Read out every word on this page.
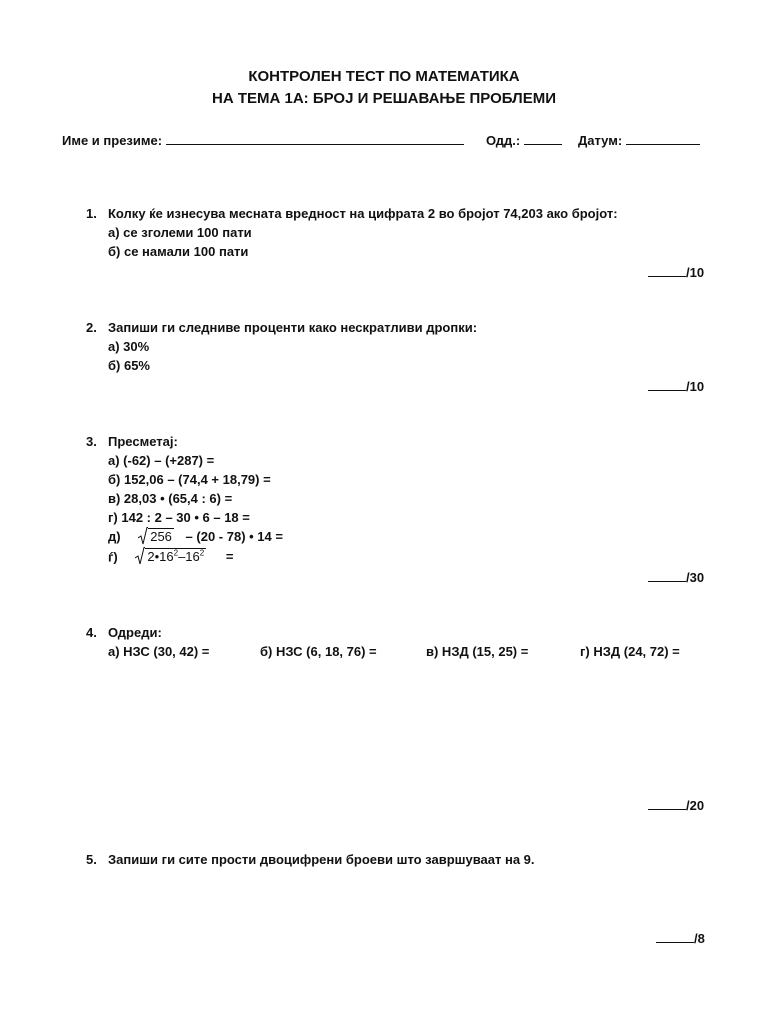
КОНТРОЛЕН ТЕСТ ПО МАТЕМАТИКА
НА ТЕМА 1А: БРОЈ И РЕШАВАЊЕ ПРОБЛЕМИ
Име и презиме:	Одд.:	Датум:
1. Колку ќе изнесува месната вредност на цифрата 2 во бројот 74,203 ако бројот:
а) се зголеми 100 пати
б) се намали 100 пати
/10
2. Запиши ги следниве проценти како нескратливи дропки:
а) 30%
б) 65%
/10
3. Пресметај:
а) (-62) – (+287) =
б) 152,06 – (74,4 + 18,79) =
в) 28,03 • (65,4 : 6) =
г) 142 : 2 – 30 • 6 – 18 =
д) 256 – (20 - 78) • 14 =
ѓ) $2•16^2-16^2$ =
/30
4. Одреди:
а) НЗС (30, 42) =	б) НЗС (6, 18, 76) =	в) НЗД (15, 25) =	г) НЗД (24, 72) =
/20
5. Запиши ги сите прости двоцифрени броеви што завршуваат на 9.
/8
